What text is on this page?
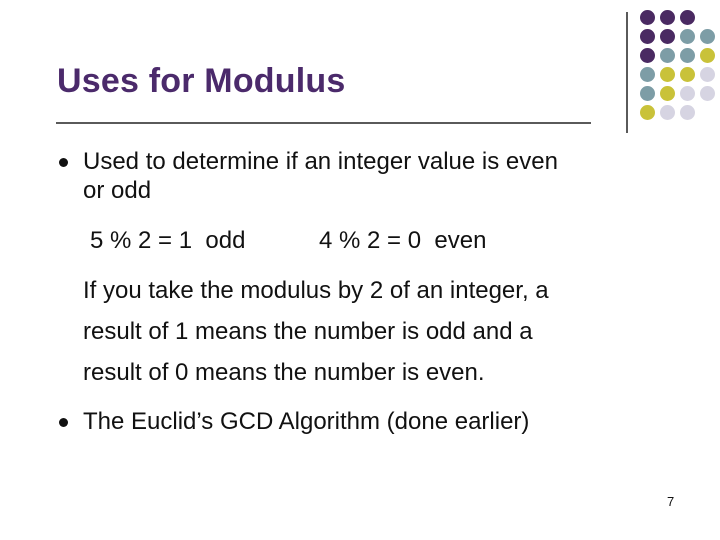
Uses for Modulus
Used to determine if an integer value is even
or odd
5 % 2 = 1  odd	4 % 2 = 0  even
If you take the modulus by 2 of an integer, a
result of 1 means the number is odd and a
result of 0 means the number is even.
The Euclid’s GCD Algorithm (done earlier)
7
